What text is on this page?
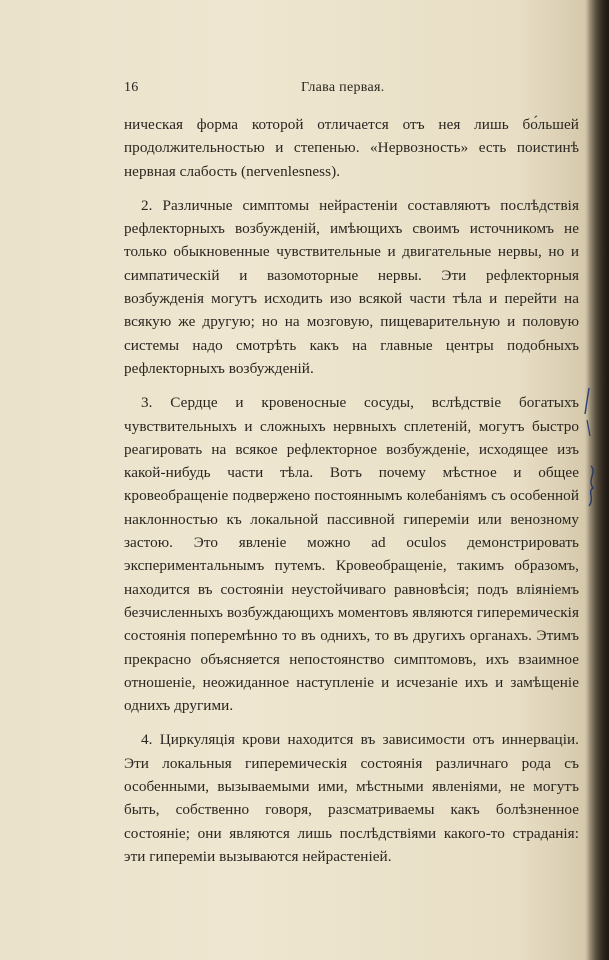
16	Глава первая.

ническая форма которой отличается отъ нея лишь бо́льшей продолжительностью и степенью. «Нервозность» есть поистинѣ нервная слабость (nervenlesness).

2. Различные симптомы нейрастеніи составляютъ послѣдствія рефлекторныхъ возбужденій, имѣющихъ своимъ источникомъ не только обыкновенные чувствительные и двигательные нервы, но и симпатическій и вазомоторные нервы. Эти рефлекторныя возбужденія могутъ исходить изо всякой части тѣла и перейти на всякую же другую; но на мозговую, пищеварительную и половую системы надо смотрѣть какъ на главные центры подобныхъ рефлекторныхъ возбужденій.

3. Сердце и кровеносные сосуды, вслѣдствіе богатыхъ чувствительныхъ и сложныхъ нервныхъ сплетеній, могутъ быстро реагировать на всякое рефлекторное возбужденіе, исходящее изъ какой-нибудь части тѣла. Вотъ почему мѣстное и общее кровеобращеніе подвержено постояннымъ колебаніямъ съ особенной наклонностью къ локальной пассивной гипереміи или венозному застою. Это явленіе можно ad oculos демонстрировать экспериментальнымъ путемъ. Кровеобращеніе, такимъ образомъ, находится въ состояніи неустойчиваго равновѣсія; подъ вліяніемъ безчисленныхъ возбуждающихъ моментовъ являются гиперемическія состоянія поперемѣнно то въ однихъ, то въ другихъ органахъ. Этимъ прекрасно объясняется непостоянство симптомовъ, ихъ взаимное отношеніе, неожиданное наступленіе и исчезаніе ихъ и замѣщеніе однихъ другими.

4. Циркуляція крови находится въ зависимости отъ иннерваціи. Эти локальныя гиперемическія состоянія различнаго рода съ особенными, вызываемыми ими, мѣстными явленіями, не могутъ быть, собственно говоря, разсматриваемы какъ болѣзненное состояніе; они являются лишь послѣдствіями какого-то страданія: эти гипереміи вызываются нейрастеніей.
